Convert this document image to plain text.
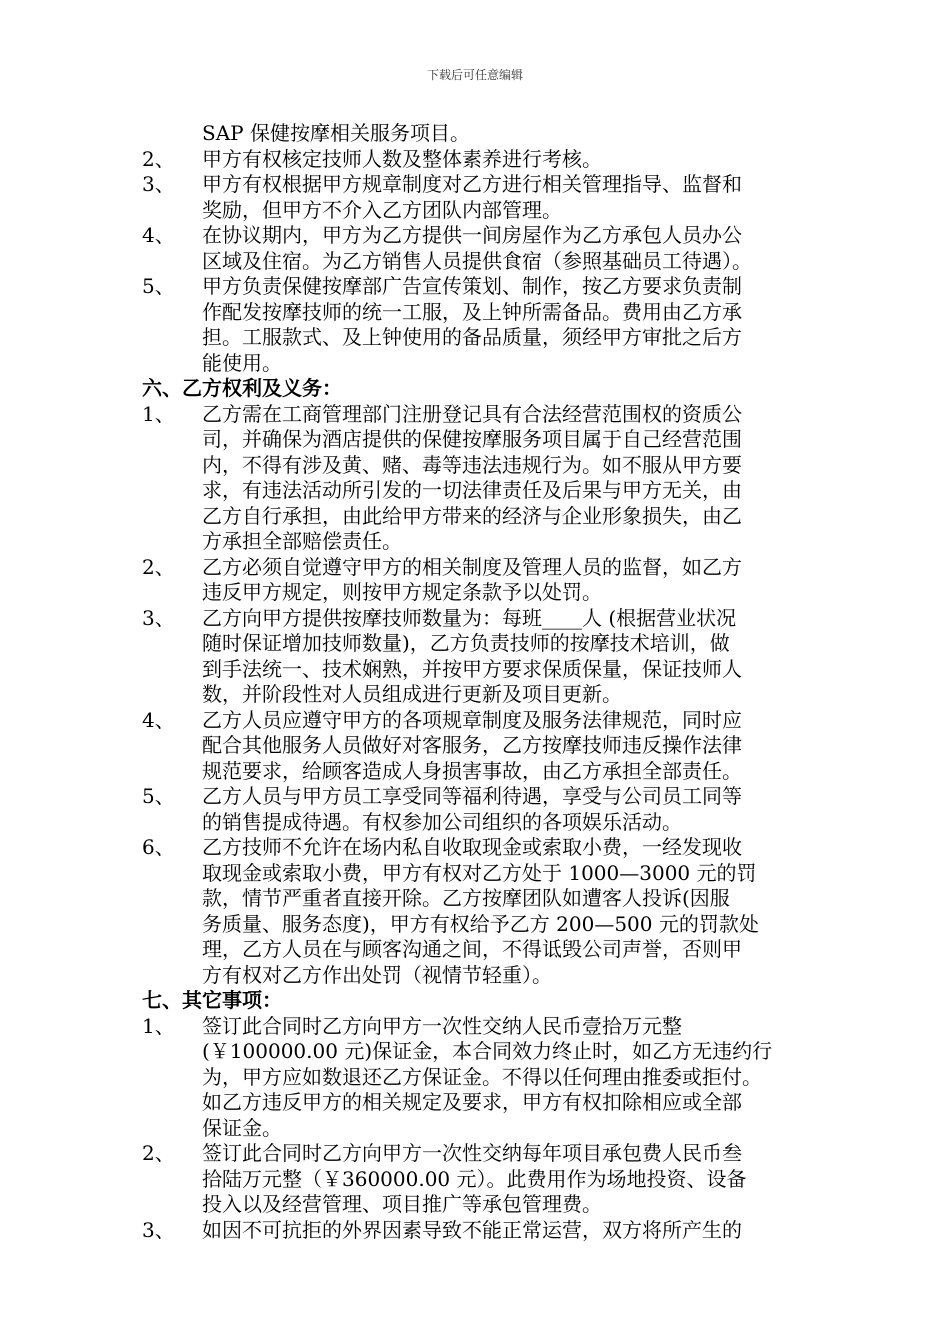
下载后可任意编辑
SAP 保健按摩相关服务项目。
2、	甲方有权核定技师人数及整体素养进行考核。
3、	甲方有权根据甲方规章制度对乙方进行相关管理指导、监督和
奖励，但甲方不介入乙方团队内部管理。
4、	在协议期内，甲方为乙方提供一间房屋作为乙方承包人员办公
区域及住宿。为乙方销售人员提供食宿（参照基础员工待遇）。
5、	甲方负责保健按摩部广告宣传策划、制作，按乙方要求负责制
作配发按摩技师的统一工服，及上钟所需备品。费用由乙方承
担。工服款式、及上钟使用的备品质量，须经甲方审批之后方
能使用。
六、乙方权利及义务：
1、	乙方需在工商管理部门注册登记具有合法经营范围权的资质公
司，并确保为酒店提供的保健按摩服务项目属于自己经营范围
内，不得有涉及黄、赌、毒等违法违规行为。如不服从甲方要
求，有违法活动所引发的一切法律责任及后果与甲方无关，由
乙方自行承担，由此给甲方带来的经济与企业形象损失，由乙
方承担全部赔偿责任。
2、	乙方必须自觉遵守甲方的相关制度及管理人员的监督，如乙方
违反甲方规定，则按甲方规定条款予以处罚。
3、	乙方向甲方提供按摩技师数量为：每班____人 (根据营业状况
随时保证增加技师数量)，乙方负责技师的按摩技术培训，做
到手法统一、技术娴熟，并按甲方要求保质保量，保证技师人
数，并阶段性对人员组成进行更新及项目更新。
4、	乙方人员应遵守甲方的各项规章制度及服务法律规范，同时应
配合其他服务人员做好对客服务，乙方按摩技师违反操作法律
规范要求，给顾客造成人身损害事故，由乙方承担全部责任。
5、	乙方人员与甲方员工享受同等福利待遇，享受与公司员工同等
的销售提成待遇。有权参加公司组织的各项娱乐活动。
6、	乙方技师不允许在场内私自收取现金或索取小费，一经发现收
取现金或索取小费，甲方有权对乙方处于 1000—3000 元的罚
款，情节严重者直接开除。乙方按摩团队如遭客人投诉(因服
务质量、服务态度)，甲方有权给予乙方 200—500 元的罚款处
理，乙方人员在与顾客沟通之间，不得诋毁公司声誉，否则甲
方有权对乙方作出处罚（视情节轻重）。
七、其它事项：
1、	签订此合同时乙方向甲方一次性交纳人民币壹拾万元整
(￥100000.00 元)保证金，本合同效力终止时，如乙方无违约行
为，甲方应如数退还乙方保证金。不得以任何理由推委或拒付。
如乙方违反甲方的相关规定及要求，甲方有权扣除相应或全部
保证金。
2、	签订此合同时乙方向甲方一次性交纳每年项目承包费人民币叁
拾陆万元整（￥360000.00 元）。此费用作为场地投资、设备
投入以及经营管理、项目推广等承包管理费。
3、	如因不可抗拒的外界因素导致不能正常运营，双方将所产生的
